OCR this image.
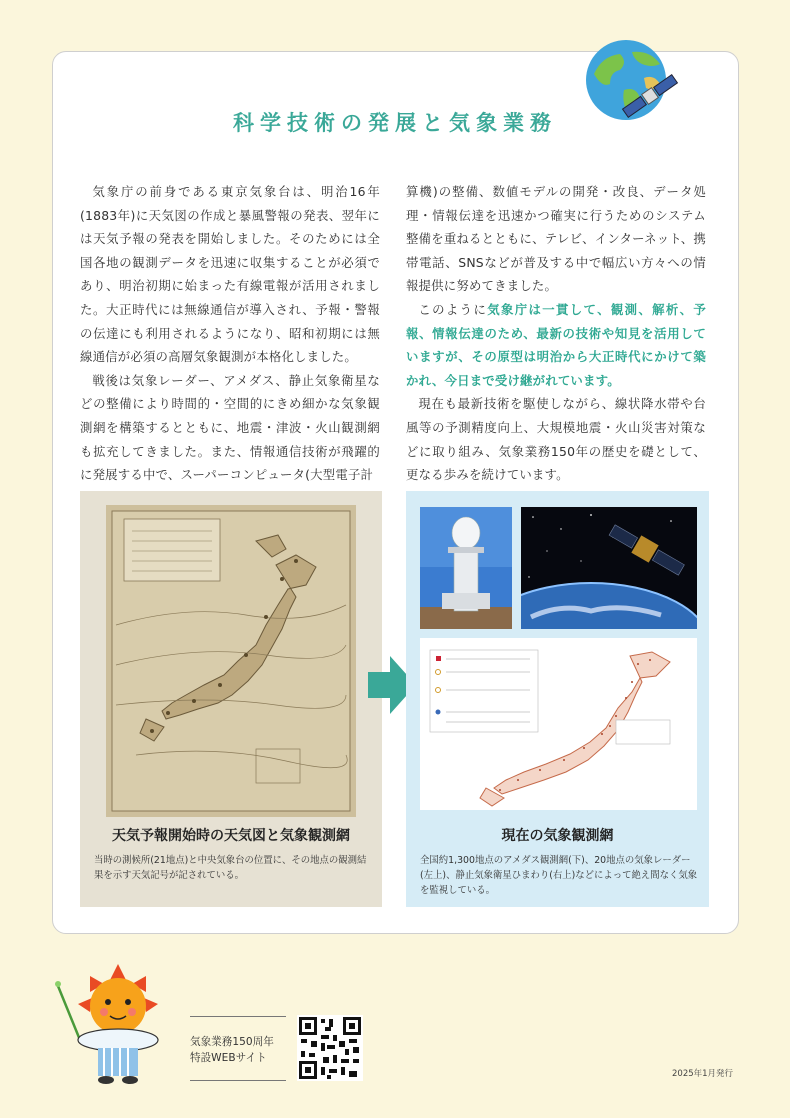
科学技術の発展と気象業務

気象庁の前身である東京気象台は、明治16年(1883年)に天気図の作成と暴風警報の発表、翌年には天気予報の発表を開始しました。そのためには全国各地の観測データを迅速に収集することが必須であり、明治初期に始まった有線電報が活用されました。大正時代には無線通信が導入され、予報・警報の伝達にも利用されるようになり、昭和初期には無線通信が必須の高層気象観測が本格化しました。

戦後は気象レーダー、アメダス、静止気象衛星などの整備により時間的・空間的にきめ細かな気象観測網を構築するとともに、地震・津波・火山観測網も拡充してきました。また、情報通信技術が飛躍的に発展する中で、スーパーコンピュータ(大型電子計

算機)の整備、数値モデルの開発・改良、データ処理・情報伝達を迅速かつ確実に行うためのシステム整備を重ねるとともに、テレビ、インターネット、携帯電話、SNSなどが普及する中で幅広い方々への情報提供に努めてきました。

このように気象庁は一貫して、観測、解析、予報、情報伝達のため、最新の技術や知見を活用していますが、その原型は明治から大正時代にかけて築かれ、今日まで受け継がれています。

現在も最新技術を駆使しながら、線状降水帯や台風等の予測精度向上、大規模地震・火山災害対策などに取り組み、気象業務150年の歴史を礎として、更なる歩みを続けています。

天気予報開始時の天気図と気象観測網
当時の測候所(21地点)と中央気象台の位置に、その地点の観測結果を示す天気記号が記されている。
現在の気象観測網
全国約1,300地点のアメダス観測網(下)、20地点の気象レーダー(左上)、静止気象衛星ひまわり(右上)などによって絶え間なく気象を監視している。
気象業務150周年
特設WEBサイト
2025年1月発行
